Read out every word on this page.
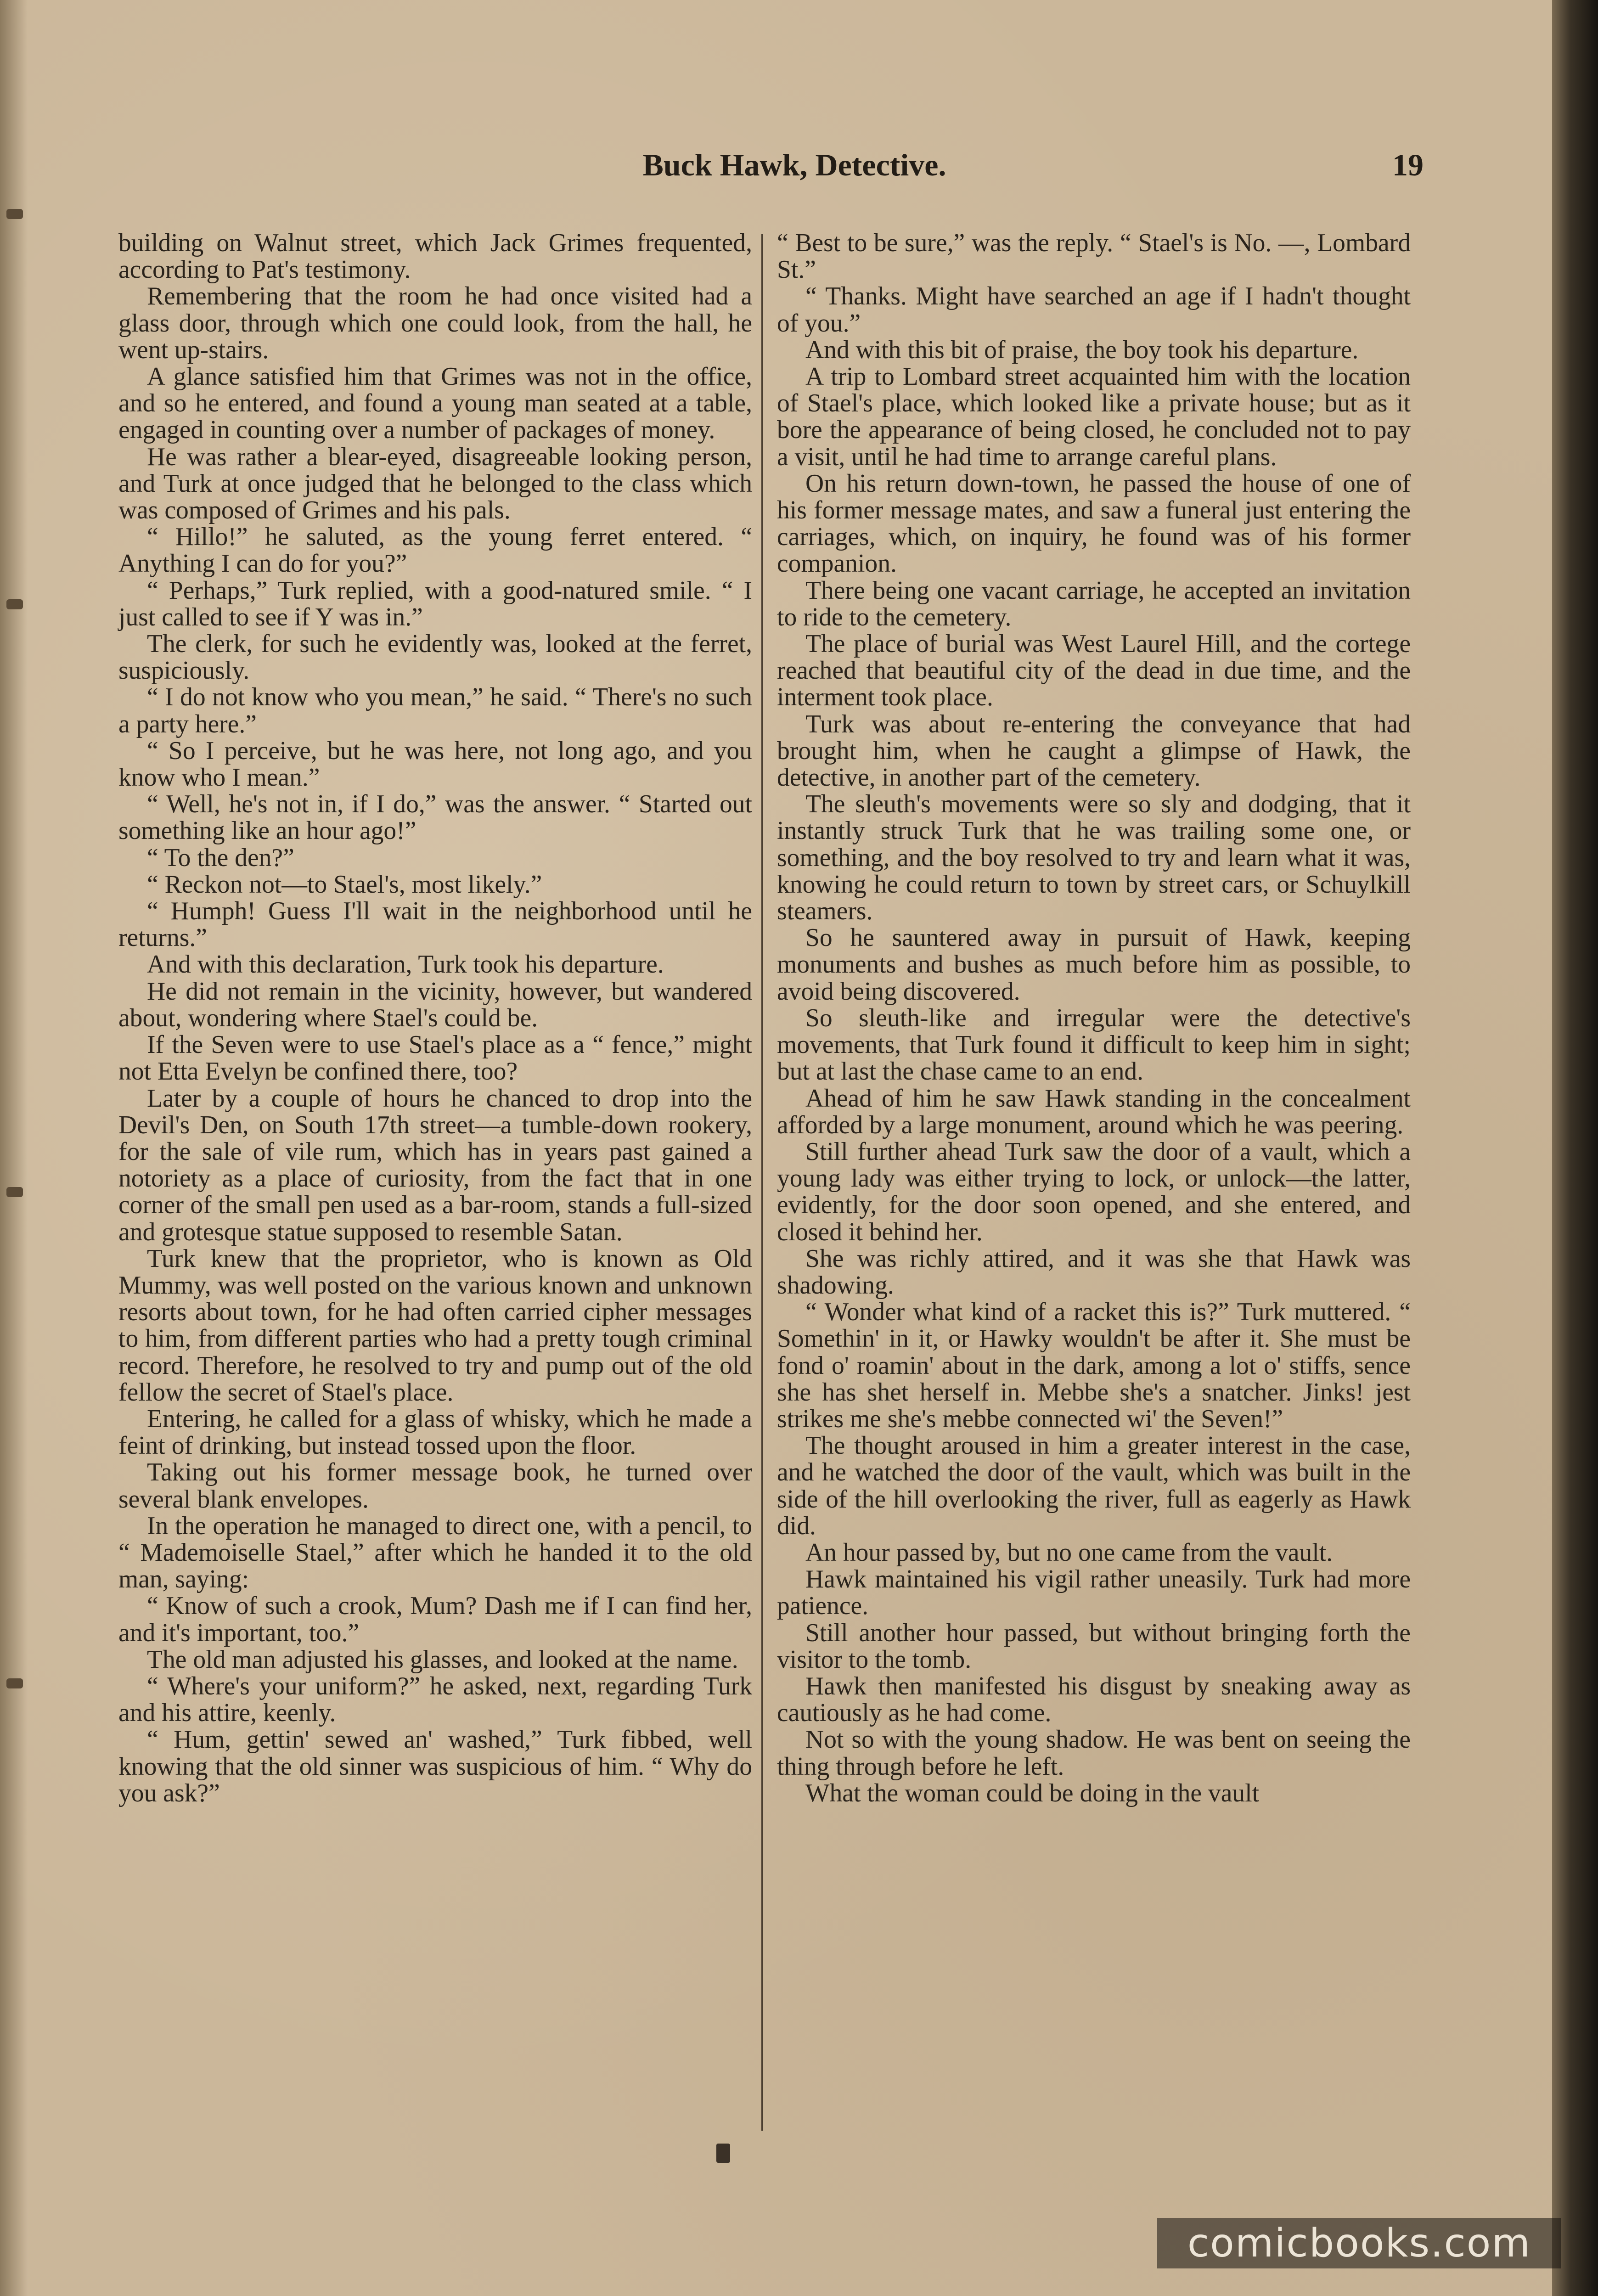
Buck Hawk, Detective.	19

building on Walnut street, which Jack Grimes frequented, according to Pat's testimony.

Remembering that the room he had once visited had a glass door, through which one could look, from the hall, he went up-stairs.

A glance satisfied him that Grimes was not in the office, and so he entered, and found a young man seated at a table, engaged in counting over a number of packages of money.

He was rather a blear-eyed, disagreeable looking person, and Turk at once judged that he belonged to the class which was composed of Grimes and his pals.

“ Hillo!” he saluted, as the young ferret entered. “ Anything I can do for you?”

“ Perhaps,” Turk replied, with a good-natured smile. “ I just called to see if Y was in.”

The clerk, for such he evidently was, looked at the ferret, suspiciously.

“ I do not know who you mean,” he said. “ There's no such a party here.”

“ So I perceive, but he was here, not long ago, and you know who I mean.”

“ Well, he's not in, if I do,” was the answer. “ Started out something like an hour ago!”

“ To the den?”

“ Reckon not—to Stael's, most likely.”

“ Humph! Guess I'll wait in the neighborhood until he returns.”

And with this declaration, Turk took his departure.

He did not remain in the vicinity, however, but wandered about, wondering where Stael's could be.

If the Seven were to use Stael's place as a “ fence,” might not Etta Evelyn be confined there, too?

Later by a couple of hours he chanced to drop into the Devil's Den, on South 17th street—a tumble-down rookery, for the sale of vile rum, which has in years past gained a notoriety as a place of curiosity, from the fact that in one corner of the small pen used as a bar-room, stands a full-sized and grotesque statue supposed to resemble Satan.

Turk knew that the proprietor, who is known as Old Mummy, was well posted on the various known and unknown resorts about town, for he had often carried cipher messages to him, from different parties who had a pretty tough criminal record. Therefore, he resolved to try and pump out of the old fellow the secret of Stael's place.

Entering, he called for a glass of whisky, which he made a feint of drinking, but instead tossed upon the floor.

Taking out his former message book, he turned over several blank envelopes.

In the operation he managed to direct one, with a pencil, to “ Mademoiselle Stael,” after which he handed it to the old man, saying:

“ Know of such a crook, Mum? Dash me if I can find her, and it's important, too.”

The old man adjusted his glasses, and looked at the name.

“ Where's your uniform?” he asked, next, regarding Turk and his attire, keenly.

“ Hum, gettin' sewed an' washed,” Turk fibbed, well knowing that the old sinner was suspicious of him. “ Why do you ask?”

“ Best to be sure,” was the reply. “ Stael's is No. —, Lombard St.”

“ Thanks. Might have searched an age if I hadn't thought of you.”

And with this bit of praise, the boy took his departure.

A trip to Lombard street acquainted him with the location of Stael's place, which looked like a private house; but as it bore the appearance of being closed, he concluded not to pay a visit, until he had time to arrange careful plans.

On his return down-town, he passed the house of one of his former message mates, and saw a funeral just entering the carriages, which, on inquiry, he found was of his former companion.

There being one vacant carriage, he accepted an invitation to ride to the cemetery.

The place of burial was West Laurel Hill, and the cortege reached that beautiful city of the dead in due time, and the interment took place.

Turk was about re-entering the conveyance that had brought him, when he caught a glimpse of Hawk, the detective, in another part of the cemetery.

The sleuth's movements were so sly and dodging, that it instantly struck Turk that he was trailing some one, or something, and the boy resolved to try and learn what it was, knowing he could return to town by street cars, or Schuylkill steamers.

So he sauntered away in pursuit of Hawk, keeping monuments and bushes as much before him as possible, to avoid being discovered.

So sleuth-like and irregular were the detective's movements, that Turk found it difficult to keep him in sight; but at last the chase came to an end.

Ahead of him he saw Hawk standing in the concealment afforded by a large monument, around which he was peering.

Still further ahead Turk saw the door of a vault, which a young lady was either trying to lock, or unlock—the latter, evidently, for the door soon opened, and she entered, and closed it behind her.

She was richly attired, and it was she that Hawk was shadowing.

“ Wonder what kind of a racket this is?” Turk muttered. “ Somethin' in it, or Hawky wouldn't be after it. She must be fond o' roamin' about in the dark, among a lot o' stiffs, sence she has shet herself in. Mebbe she's a snatcher. Jinks! jest strikes me she's mebbe connected wi' the Seven!”

The thought aroused in him a greater interest in the case, and he watched the door of the vault, which was built in the side of the hill overlooking the river, full as eagerly as Hawk did.

An hour passed by, but no one came from the vault.

Hawk maintained his vigil rather uneasily. Turk had more patience.

Still another hour passed, but without bringing forth the visitor to the tomb.

Hawk then manifested his disgust by sneaking away as cautiously as he had come.

Not so with the young shadow. He was bent on seeing the thing through before he left.

What the woman could be doing in the vault

comicbooks.com
